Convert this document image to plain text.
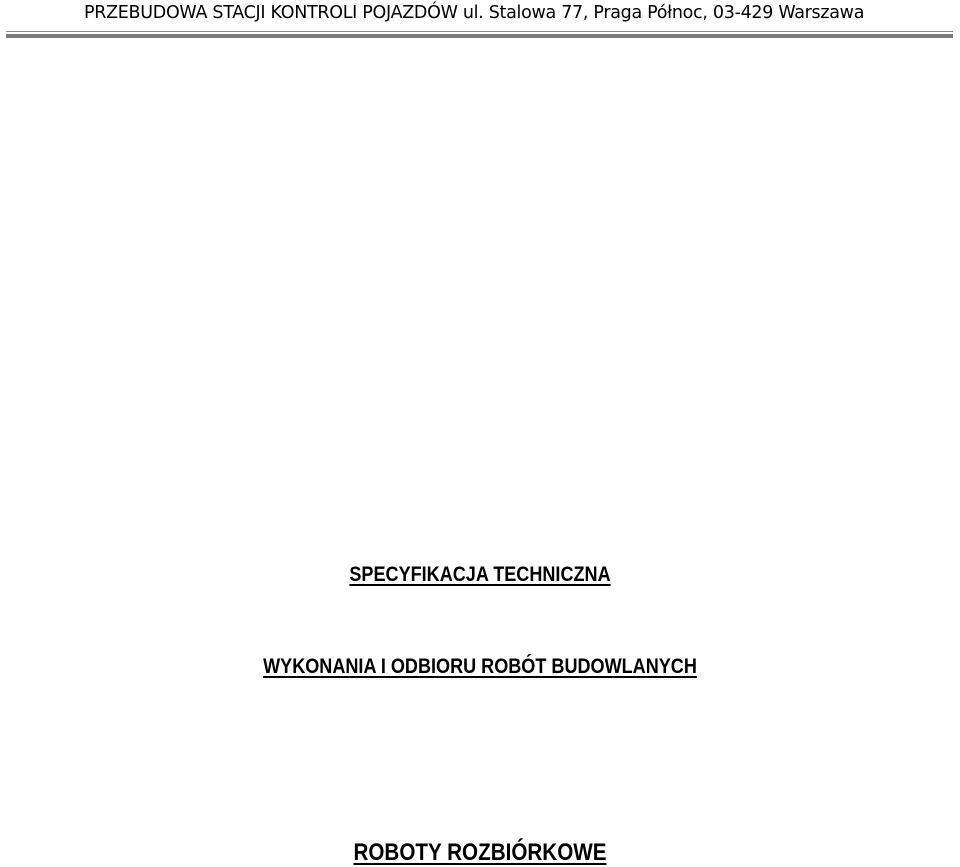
PRZEBUDOWA STACJI KONTROLI POJAZDÓW ul. Stalowa 77, Praga Północ, 03-429 Warszawa
SPECYFIKACJA TECHNICZNA
WYKONANIA I ODBIORU ROBÓT BUDOWLANYCH
ROBOTY ROZBIÓRKOWE
